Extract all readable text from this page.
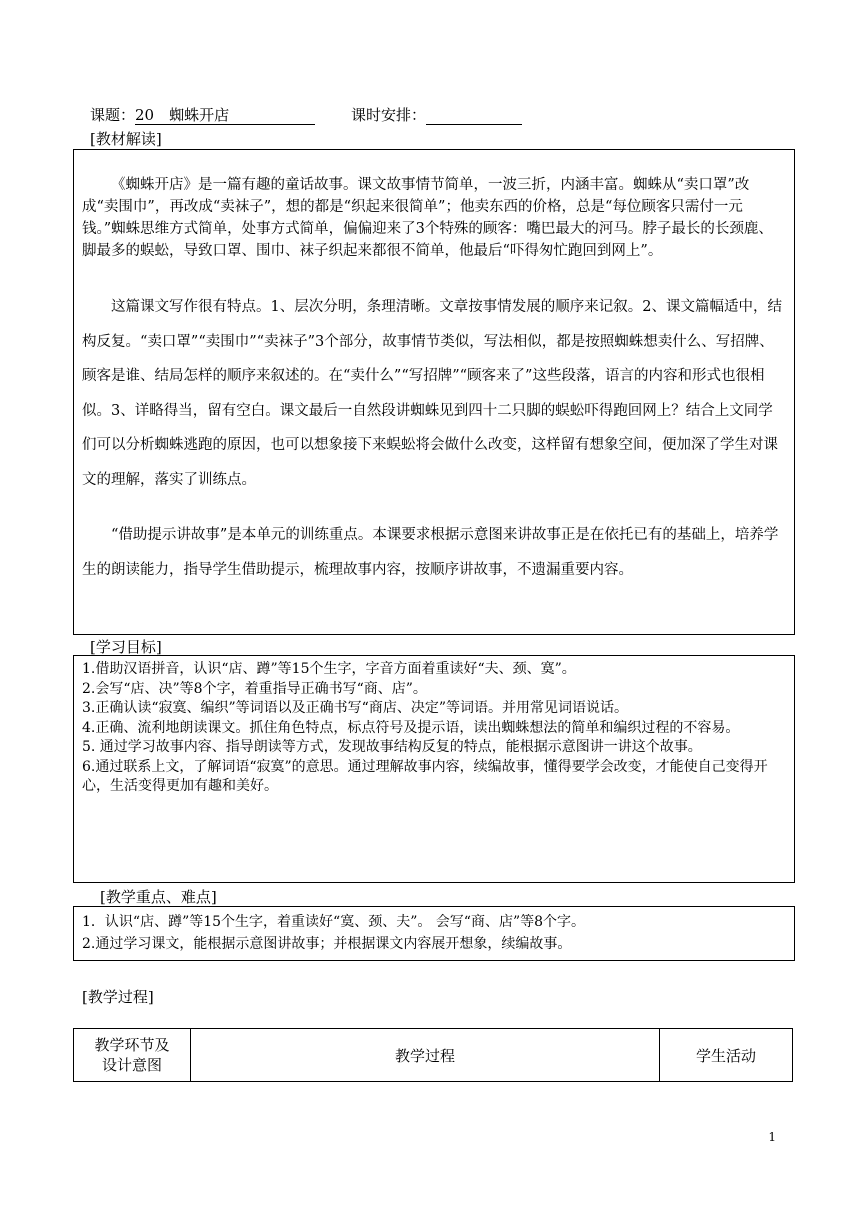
课题：20　蜘蛛开店	课时安排：
[教材解读]

《蜘蛛开店》是一篇有趣的童话故事。课文故事情节简单，一波三折，内涵丰富。蜘蛛从“卖口罩”改成“卖围巾”，再改成“卖袜子”，想的都是“织起来很简单”；他卖东西的价格，总是“每位顾客只需付一元钱。”蜘蛛思维方式简单，处事方式简单，偏偏迎来了3个特殊的顾客：嘴巴最大的河马。脖子最长的长颈鹿、脚最多的蜈蚣，导致口罩、围巾、袜子织起来都很不简单，他最后“吓得匆忙跑回到网上”。

这篇课文写作很有特点。1、层次分明，条理清晰。文章按事情发展的顺序来记叙。2、课文篇幅适中，结构反复。“卖口罩”“卖围巾”“卖袜子”3个部分，故事情节类似，写法相似，都是按照蜘蛛想卖什么、写招牌、顾客是谁、结局怎样的顺序来叙述的。在“卖什么”“写招牌”“顾客来了”这些段落，语言的内容和形式也很相似。3、详略得当，留有空白。课文最后一自然段讲蜘蛛见到四十二只脚的蜈蚣吓得跑回网上？结合上文同学们可以分析蜘蛛逃跑的原因，也可以想象接下来蜈蚣将会做什么改变，这样留有想象空间，便加深了学生对课文的理解，落实了训练点。

“借助提示讲故事”是本单元的训练重点。本课要求根据示意图来讲故事正是在依托已有的基础上，培养学生的朗读能力，指导学生借助提示，梳理故事内容，按顺序讲故事，不遗漏重要内容。

[学习目标]

1.借助汉语拼音，认识“店、蹲”等15个生字，字音方面着重读好“夫、颈、寞”。

2.会写“店、决”等8个字，着重指导正确书写“商、店”。

3.正确认读“寂寞、编织”等词语以及正确书写“商店、决定”等词语。并用常见词语说话。

4.正确、流利地朗读课文。抓住角色特点，标点符号及提示语，读出蜘蛛想法的简单和编织过程的不容易。

5. 通过学习故事内容、指导朗读等方式，发现故事结构反复的特点，能根据示意图讲一讲这个故事。

6.通过联系上文，了解词语“寂寞”的意思。通过理解故事内容，续编故事，懂得要学会改变，才能使自己变得开心，生活变得更加有趣和美好。

[教学重点、难点]

1．认识“店、蹲”等15个生字，着重读好“寞、颈、夫”。 会写“商、店”等8个字。

2.通过学习课文，能根据示意图讲故事；并根据课文内容展开想象，续编故事。

[教学过程]
教学环节及
设计意图	教学过程	学生活动
1
